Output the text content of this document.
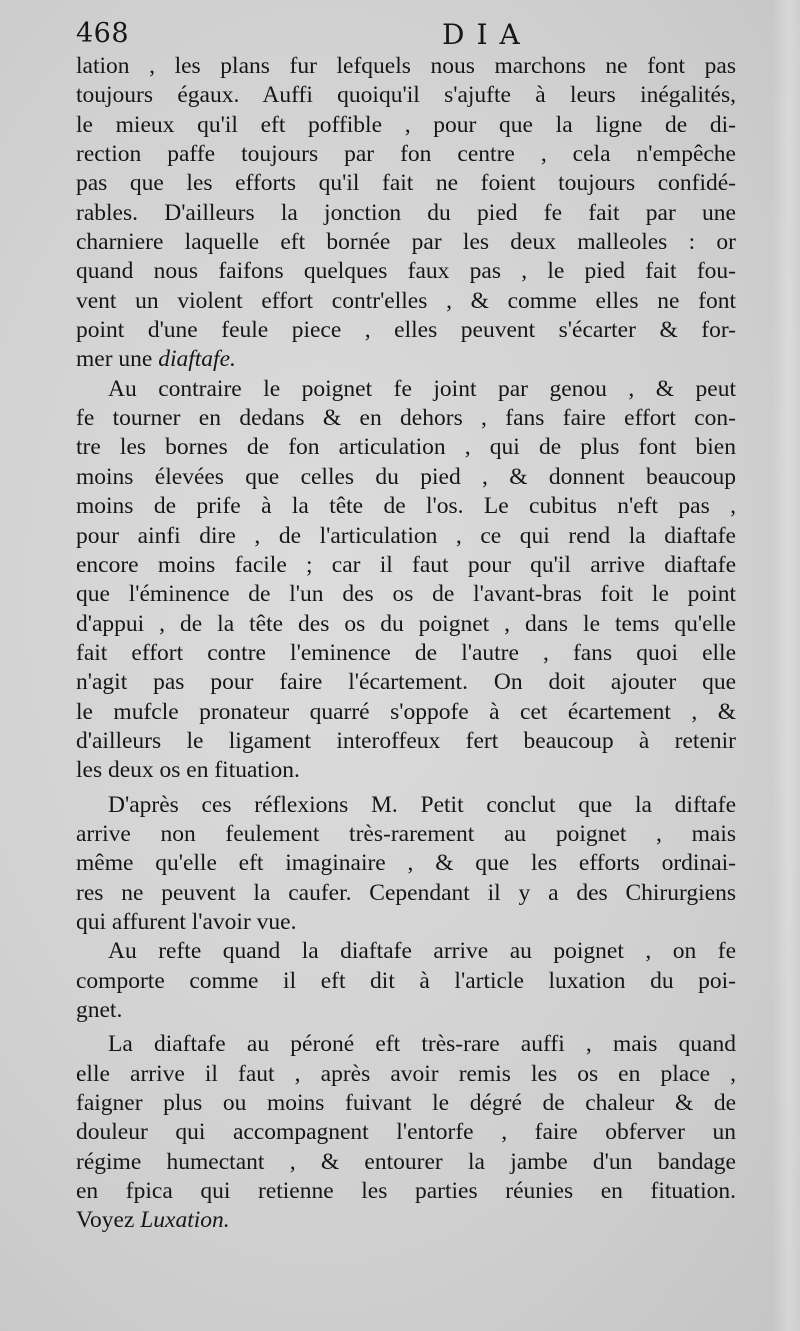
468	DIA
lation , les plans fur lefquels nous marchons ne font pas
toujours égaux. Auffi quoiqu'il s'ajufte à leurs inégalités,
le mieux qu'il eft poffible , pour que la ligne de di-
rection paffe toujours par fon centre , cela n'empêche
pas que les efforts qu'il fait ne foient toujours confidé-
rables. D'ailleurs la jonction du pied fe fait par une
charniere laquelle eft bornée par les deux malleoles : or
quand nous faifons quelques faux pas , le pied fait fou-
vent un violent effort contr'elles , & comme elles ne font
point d'une feule piece , elles peuvent s'écarter & for-
mer une diaftafe.
Au contraire le poignet fe joint par genou , & peut
fe tourner en dedans & en dehors , fans faire effort con-
tre les bornes de fon articulation , qui de plus font bien
moins élevées que celles du pied , & donnent beaucoup
moins de prife à la tête de l'os. Le cubitus n'eft pas ,
pour ainfi dire , de l'articulation , ce qui rend la diaftafe
encore moins facile ; car il faut pour qu'il arrive diaftafe
que l'éminence de l'un des os de l'avant-bras foit le point
d'appui , de la tête des os du poignet , dans le tems qu'elle
fait effort contre l'eminence de l'autre , fans quoi elle
n'agit pas pour faire l'écartement. On doit ajouter que
le mufcle pronateur quarré s'oppofe à cet écartement , &
d'ailleurs le ligament interoffeux fert beaucoup à retenir
les deux os en fituation.
D'après ces réflexions M. Petit conclut que la diftafe
arrive non feulement très-rarement au poignet , mais
même qu'elle eft imaginaire , & que les efforts ordinai-
res ne peuvent la caufer. Cependant il y a des Chirurgiens
qui affurent l'avoir vue.
Au refte quand la diaftafe arrive au poignet , on fe
comporte comme il eft dit à l'article luxation du poi-
gnet.
La diaftafe au péroné eft très-rare auffi , mais quand
elle arrive il faut , après avoir remis les os en place ,
faigner plus ou moins fuivant le dégré de chaleur & de
douleur qui accompagnent l'entorfe , faire obferver un
régime humectant , & entourer la jambe d'un bandage
en fpica qui retienne les parties réunies en fituation.
Voyez Luxation.
